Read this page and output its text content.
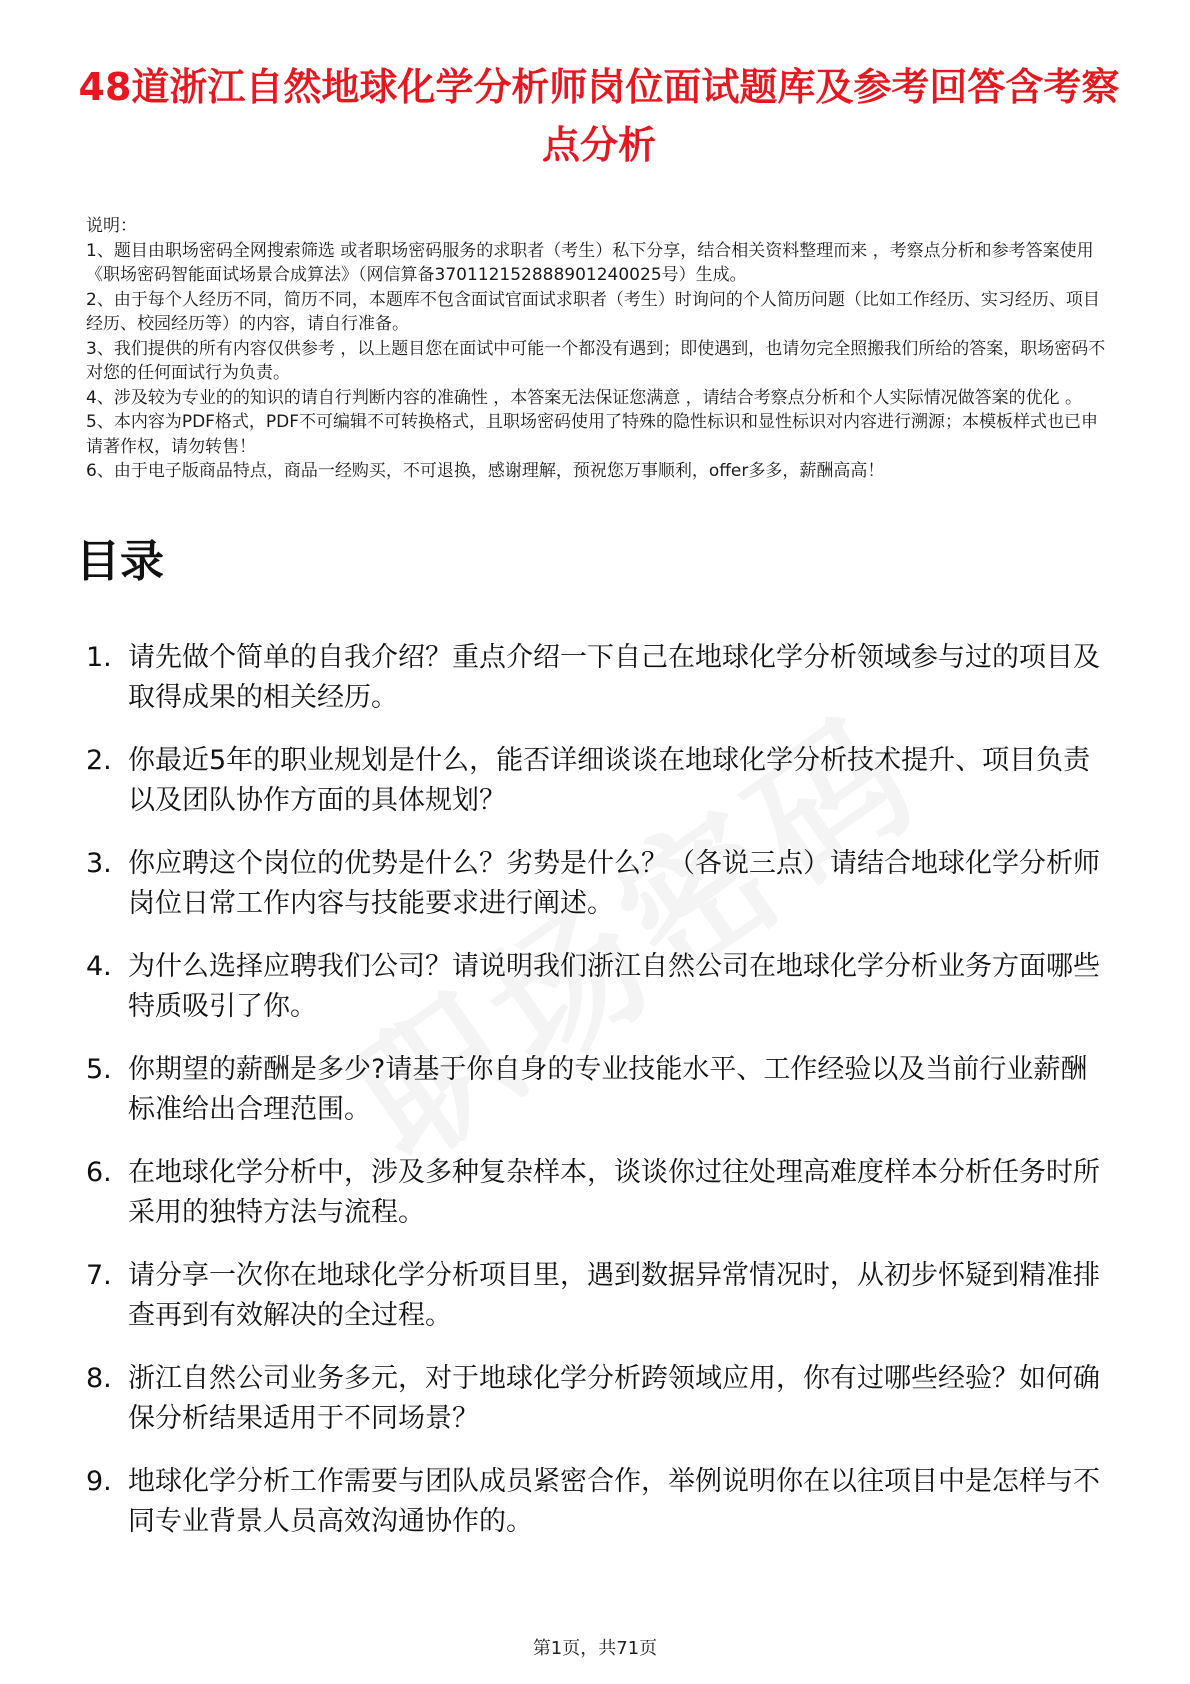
48道浙江自然地球化学分析师岗位面试题库及参考回答含考察点分析

说明：

1、题目由职场密码全网搜索筛选 或者职场密码服务的求职者（考生）私下分享，结合相关资料整理而来 ，考察点分析和参考答案使用《职场密码智能面试场景合成算法》（网信算备370112152888901240025号）生成。

2、由于每个人经历不同，简历不同，本题库不包含面试官面试求职者（考生）时询问的个人简历问题（比如工作经历、实习经历、项目经历、校园经历等）的内容，请自行准备。

3、我们提供的所有内容仅供参考 ，以上题目您在面试中可能一个都没有遇到；即使遇到，也请勿完全照搬我们所给的答案，职场密码不对您的任何面试行为负责。

4、涉及较为专业的的知识的请自行判断内容的准确性 ，本答案无法保证您满意 ，请结合考察点分析和个人实际情况做答案的优化 。

5、本内容为PDF格式，PDF不可编辑不可转换格式，且职场密码使用了特殊的隐性标识和显性标识对内容进行溯源；本模板样式也已申请著作权，请勿转售！

6、由于电子版商品特点，商品一经购买，不可退换，感谢理解，预祝您万事顺利，offer多多，薪酬高高！

目录
1. 请先做个简单的自我介绍？重点介绍一下自己在地球化学分析领域参与过的项目及取得成果的相关经历。
2. 你最近5年的职业规划是什么，能否详细谈谈在地球化学分析技术提升、项目负责以及团队协作方面的具体规划？
3. 你应聘这个岗位的优势是什么？劣势是什么？（各说三点）请结合地球化学分析师岗位日常工作内容与技能要求进行阐述。
4. 为什么选择应聘我们公司？请说明我们浙江自然公司在地球化学分析业务方面哪些特质吸引了你。
5. 你期望的薪酬是多少?请基于你自身的专业技能水平、工作经验以及当前行业薪酬标准给出合理范围。
6. 在地球化学分析中，涉及多种复杂样本，谈谈你过往处理高难度样本分析任务时所采用的独特方法与流程。
7. 请分享一次你在地球化学分析项目里，遇到数据异常情况时，从初步怀疑到精准排查再到有效解决的全过程。
8. 浙江自然公司业务多元，对于地球化学分析跨领域应用，你有过哪些经验？如何确保分析结果适用于不同场景？
9. 地球化学分析工作需要与团队成员紧密合作，举例说明你在以往项目中是怎样与不同专业背景人员高效沟通协作的。
第1页，共71页
